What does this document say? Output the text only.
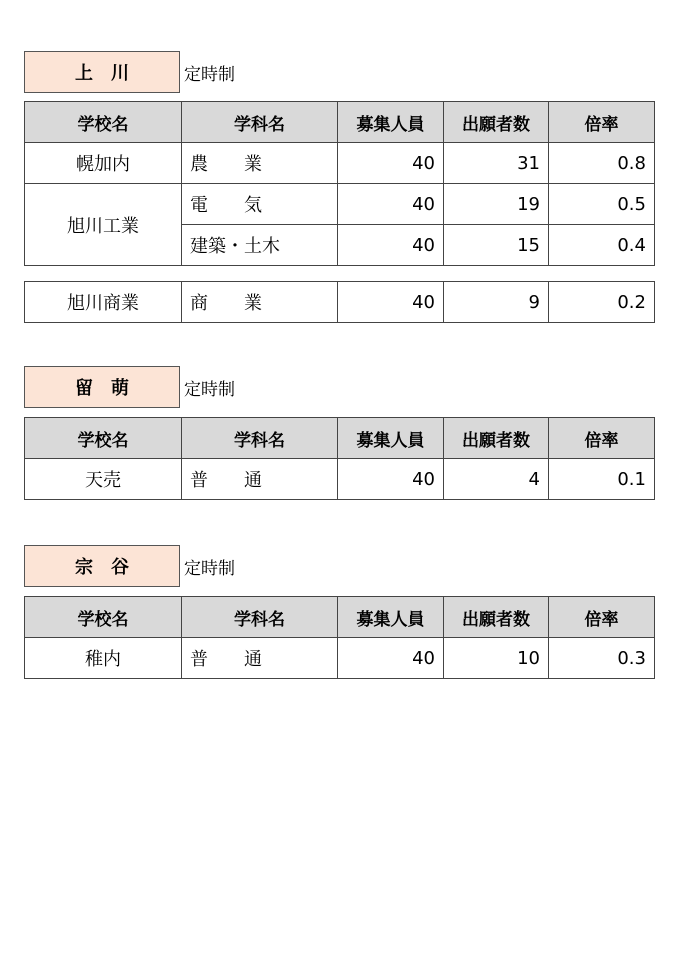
上　川	定時制
学校名	学科名	募集人員	出願者数	倍率
幌加内	農　　業	40	31	0.8
旭川工業	電　　気	40	19	0.5
	建築・土木	40	15	0.4
旭川商業	商　　業	40	9	0.2
留　萌	定時制
学校名	学科名	募集人員	出願者数	倍率
天売	普　　通	40	4	0.1
宗　谷	定時制
学校名	学科名	募集人員	出願者数	倍率
稚内	普　　通	40	10	0.3
